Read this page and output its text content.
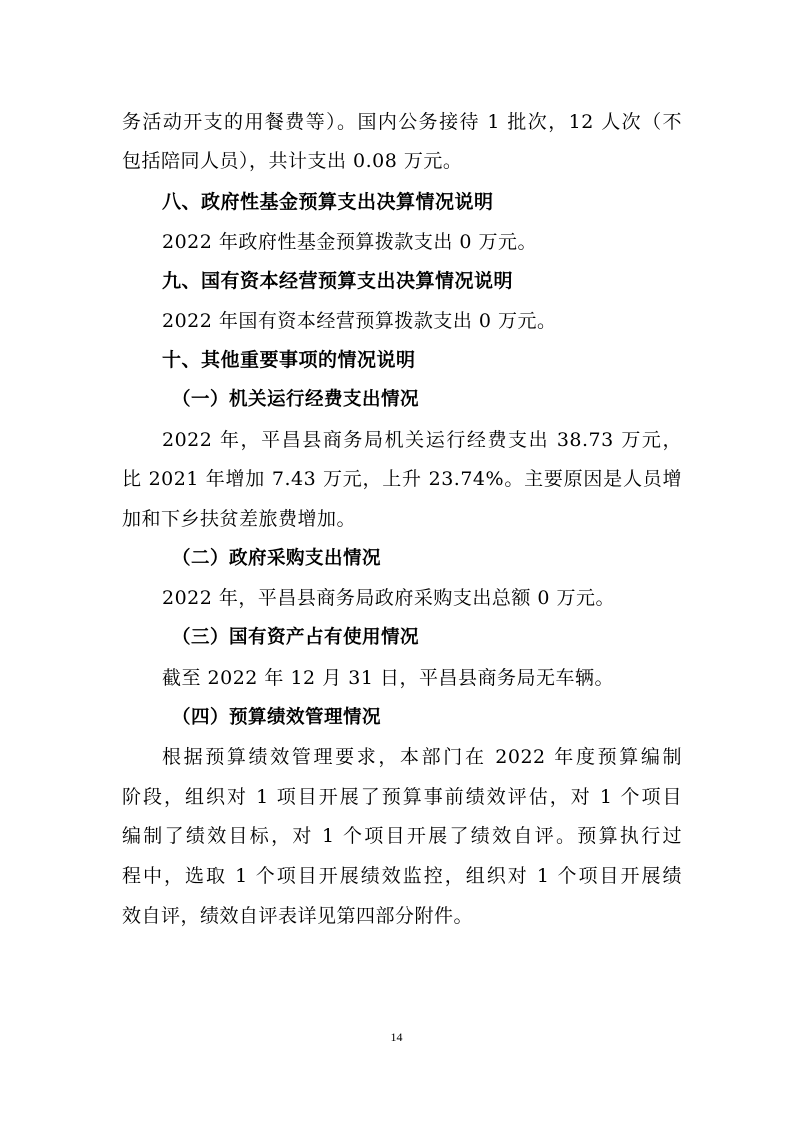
务活动开支的用餐费等）。国内公务接待 1 批次，12 人次（不
包括陪同人员），共计支出 0.08 万元。
八、政府性基金预算支出决算情况说明
2022 年政府性基金预算拨款支出 0 万元。
九、国有资本经营预算支出决算情况说明
2022 年国有资本经营预算拨款支出 0 万元。
十、其他重要事项的情况说明
（一）机关运行经费支出情况
2022 年，平昌县商务局机关运行经费支出 38.73 万元，
比 2021 年增加 7.43 万元，上升 23.74%。主要原因是人员增
加和下乡扶贫差旅费增加。
（二）政府采购支出情况
2022 年，平昌县商务局政府采购支出总额 0 万元。
（三）国有资产占有使用情况
截至 2022 年 12 月 31 日，平昌县商务局无车辆。
（四）预算绩效管理情况
根据预算绩效管理要求，本部门在 2022 年度预算编制
阶段，组织对 1 项目开展了预算事前绩效评估，对 1 个项目
编制了绩效目标，对 1 个项目开展了绩效自评。预算执行过
程中，选取 1 个项目开展绩效监控，组织对 1 个项目开展绩
效自评，绩效自评表详见第四部分附件。
14
